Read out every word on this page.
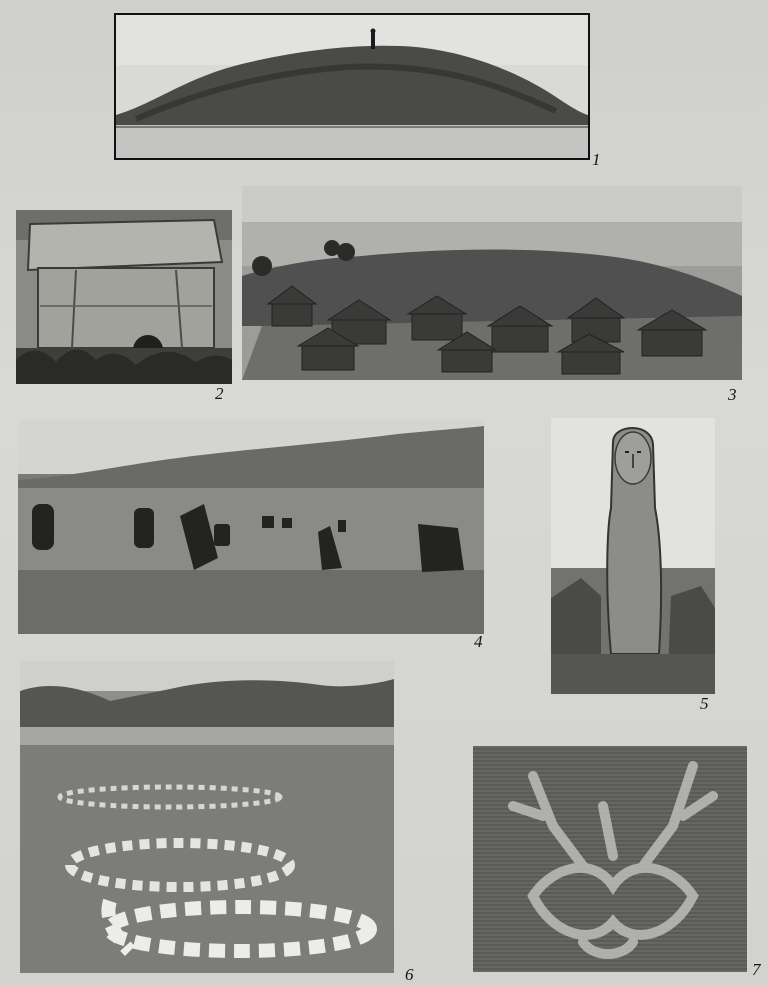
1
2	3
4
5
6	7
